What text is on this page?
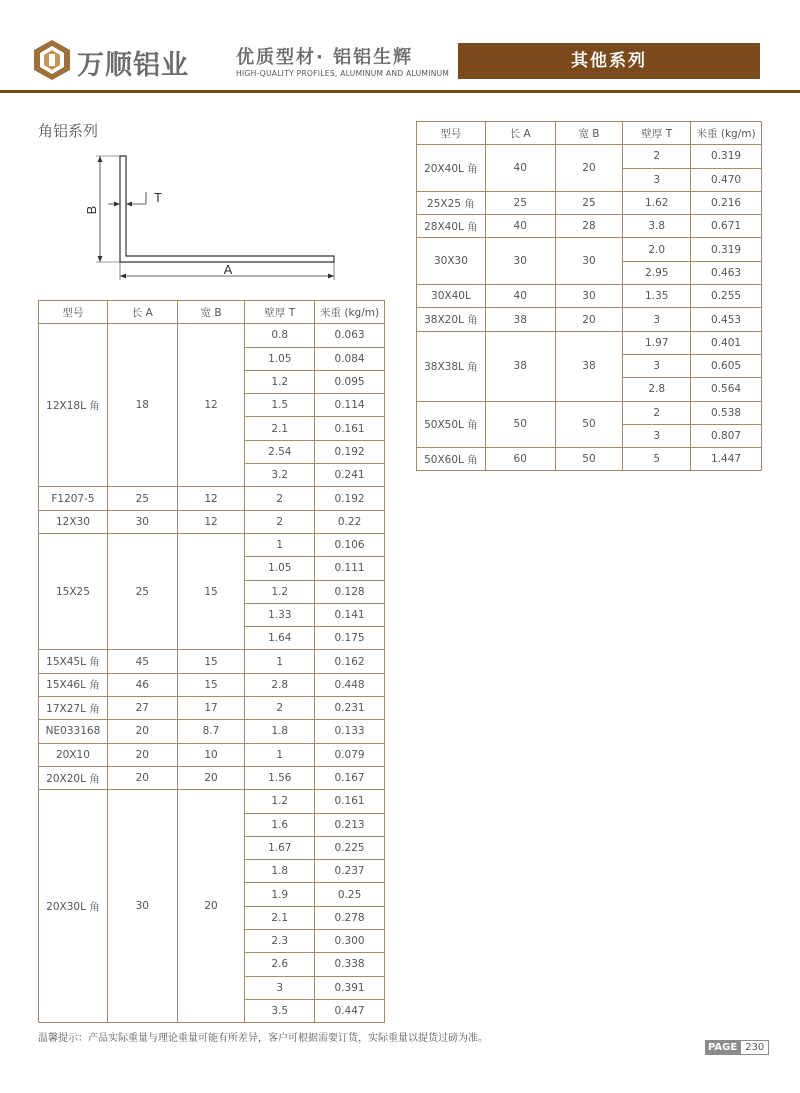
万顺铝业	优质型材· 铝铝生辉
HIGH-QUALITY PROFILES, ALUMINUM AND ALUMINUM
其他系列
角铝系列
B
T
A
型号	长 A	宽 B	壁厚 T	米重 (kg/m)
12X18L 角	18	12	0.8	0.063
			1.05	0.084
			1.2	0.095
			1.5	0.114
			2.1	0.161
			2.54	0.192
			3.2	0.241
F1207-5	25	12	2	0.192
12X30	30	12	2	0.22
15X25	25	15	1	0.106
			1.05	0.111
			1.2	0.128
			1.33	0.141
			1.64	0.175
15X45L 角	45	15	1	0.162
15X46L 角	46	15	2.8	0.448
17X27L 角	27	17	2	0.231
NE033168	20	8.7	1.8	0.133
20X10	20	10	1	0.079
20X20L 角	20	20	1.56	0.167
20X30L 角	30	20	1.2	0.161
			1.6	0.213
			1.67	0.225
			1.8	0.237
			1.9	0.25
			2.1	0.278
			2.3	0.300
			2.6	0.338
			3	0.391
			3.5	0.447
型号	长 A	宽 B	壁厚 T	米重 (kg/m)
20X40L 角	40	20	2	0.319
			3	0.470
25X25 角	25	25	1.62	0.216
28X40L 角	40	28	3.8	0.671
30X30	30	30	2.0	0.319
			2.95	0.463
30X40L	40	30	1.35	0.255
38X20L 角	38	20	3	0.453
38X38L 角	38	38	1.97	0.401
			3	0.605
			2.8	0.564
50X50L 角	50	50	2	0.538
			3	0.807
50X60L 角	60	50	5	1.447
温馨提示：产品实际重量与理论重量可能有所差异，客户可根据需要订货，实际重量以提货过磅为准。
PAGE 230
